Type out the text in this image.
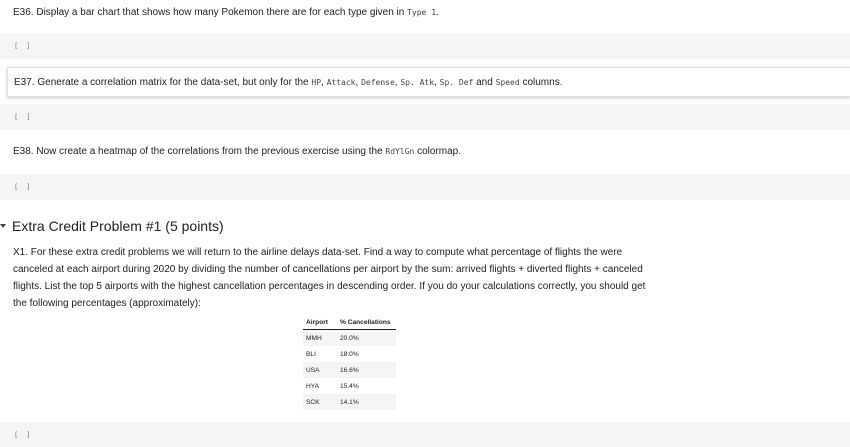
E36. Display a bar chart that shows how many Pokemon there are for each type given in Type 1.
[ ]
E37. Generate a correlation matrix for the data-set, but only for the HP, Attack, Defense, Sp. Atk, Sp. Def and Speed columns.
[ ]
E38. Now create a heatmap of the correlations from the previous exercise using the RdYlGn colormap.
[ ]
Extra Credit Problem #1 (5 points)
X1. For these extra credit problems we will return to the airline delays data-set. Find a way to compute what percentage of flights the were
canceled at each airport during 2020 by dividing the number of cancellations per airport by the sum: arrived flights + diverted flights + canceled
flights. List the top 5 airports with the highest cancellation percentages in descending order. If you do your calculations correctly, you should get
the following percentages (approximately):
Airport	% Cancellations
MMH	20.0%
BLI	18.0%
USA	16.6%
HYA	15.4%
SCK	14.1%
[ ]
